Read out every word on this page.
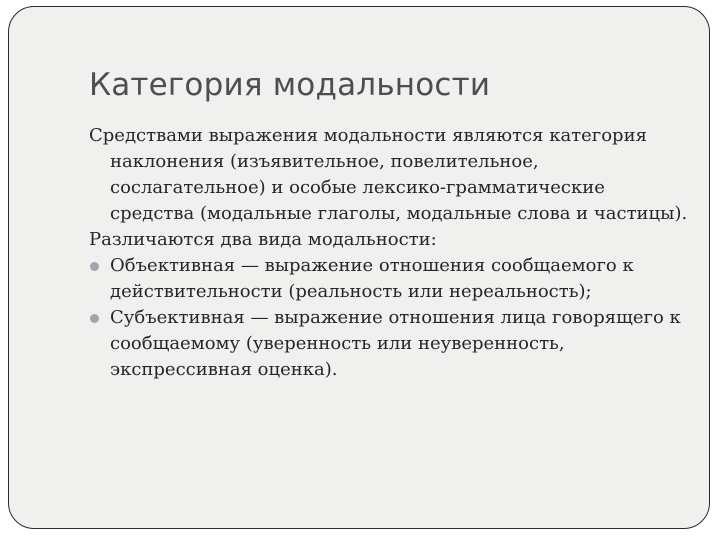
Категория модальности

Средствами выражения модальности являются категория наклонения (изъявительное, повелительное, сослагательное) и особые лексико-грамматические средства (модальные глаголы, модальные слова и частицы).

Различаются два вида модальности:

Объективная — выражение отношения сообщаемого к действительности (реальность или нереальность);
Субъективная — выражение отношения лица говорящего к сообщаемому (уверенность или неуверенность, экспрессивная оценка).
